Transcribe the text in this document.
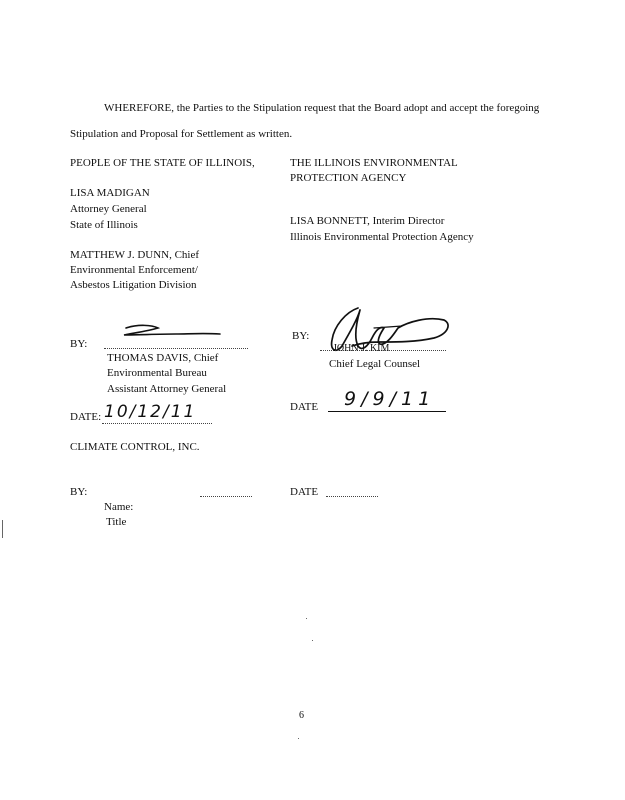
WHEREFORE, the Parties to the Stipulation request that the Board adopt and accept the foregoing
Stipulation and Proposal for Settlement as written.
PEOPLE OF THE STATE OF ILLINOIS,
LISA MADIGAN
Attorney General
State of Illinois
MATTHEW J. DUNN, Chief
Environmental Enforcement/
Asbestos Litigation Division
BY:
THOMAS DAVIS, Chief
Environmental Bureau
Assistant Attorney General
DATE: 10/12/11
THE ILLINOIS ENVIRONMENTAL
PROTECTION AGENCY
LISA BONNETT, Interim Director
Illinois Environmental Protection Agency
BY:
JOHN J. KIM
Chief Legal Counsel
DATE 9/9/11
CLIMATE CONTROL, INC.
BY:
Name:
Title
DATE
6
